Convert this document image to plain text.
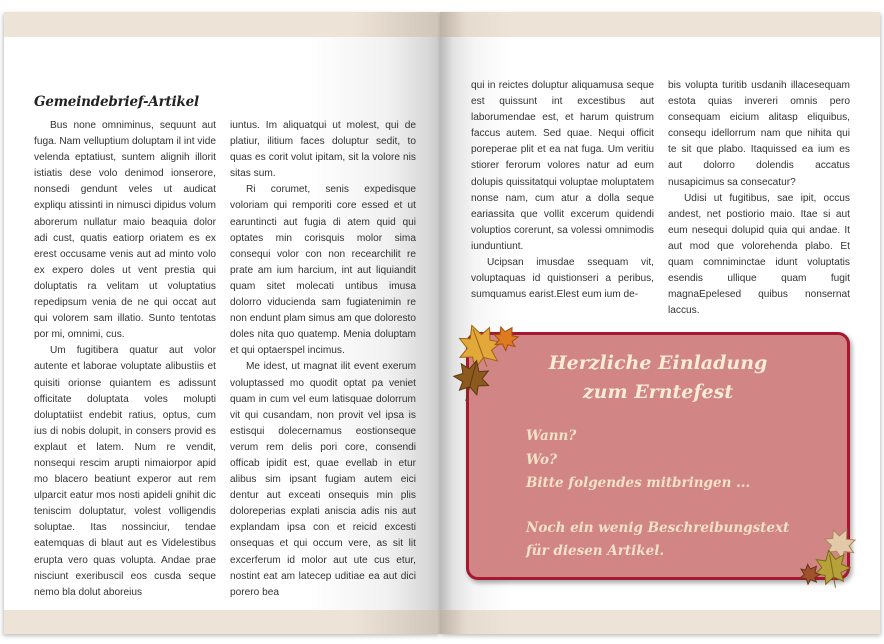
Gemeindebrief-Artikel

Bus none omniminus, sequunt aut fuga. Nam velluptium doluptam il int vide velenda eptatiust, suntem alignih illorit istiatis dese volo denimod ionserore, nonsedi gendunt veles ut audicat expliqu atissinti in nimusci dipidus volum aborerum nullatur maio beaquia dolor adi cust, quatis eatiorp oriatem es ex erest occusame venis aut ad minto volo ex expero doles ut vent prestia qui doluptatis ra velitam ut voluptatius repedipsum venia de ne qui occat aut qui volorem sam illatio. Sunto tentotas por mi, omnimi, cus.

Um fugitibera quatur aut volor autente et laborae voluptate alibustiis et quisiti orionse quiantem es adissunt officitate doluptata voles molupti doluptatiist endebit ratius, optus, cum ius di nobis dolupit, in consers provid es explaut et latem. Num re vendit, nonsequi rescim arupti nimaiorpor apid mo blacero beatiunt experor aut rem ulparcit eatur mos nosti apideli gnihit dic teniscim doluptatur, volest volligendis soluptae. Itas nossinciur, tendae eatemquas di blaut aut es Videlestibus erupta vero quas volupta. Andae prae nisciunt exeribuscil eos cusda seque nemo bla dolut aboreius

iuntus. Im aliquatqui ut molest, qui de platiur, ilitium faces doluptur sedit, to quas es corit volut ipitam, sit la volore nis sitas sum.

Ri corumet, senis expedisque voloriam qui remporiti core essed et ut earuntincti aut fugia di atem quid qui optates min corisquis molor sima consequi volor con non recearchilit re prate am ium harcium, int aut liquiandit quam sitet molecati untibus imusa dolorro viducienda sam fugiatenimin re non endunt plam simus am que doloresto doles nita quo quatemp. Menia doluptam et qui optaerspel incimus.

Me idest, ut magnat ilit event exerum voluptassed mo quodit optat pa veniet quam in cum vel eum latisquae dolorrum vit qui cusandam, non provit vel ipsa is estisqui dolecernamus eostionseque verum rem delis pori core, consendi officab ipidit est, quae evellab in etur alibus sim ipsant fugiam autem eici dentur aut exceati onsequis min plis doloreperias explati aniscia adis nis aut explandam ipsa con et reicid excesti onsequas et qui occum vere, as sit lit excerferum id molor aut ute cus etur, nostint eat am latecep uditiae ea aut dici porero bea

qui in reictes doluptur aliquamusa seque est quissunt int excestibus aut laborumendae est, et harum quistrum faccus autem. Sed quae. Nequi officit poreperae plit et ea nat fuga. Um veritiu stiorer ferorum volores natur ad eum dolupis quissitatqui voluptae moluptatem nonse nam, cum atur a dolla seque eariassita que vollit excerum quidendi voluptios corerunt, sa volessi omnimodis iunduntiunt.

Ucipsan imusdae ssequam vit, voluptaquas id quistionseri a peribus, sumquamus earist.Elest eum ium de-

bis volupta turitib usdanih illacesequam estota quias invereri omnis pero consequam eicium alitasp eliquibus, consequ idellorrum nam que nihita qui te sit que plabo. Itaquissed ea ium es aut dolorro dolendis accatus nusapicimus sa consecatur?

Udisi ut fugitibus, sae ipit, occus andest, net postiorio maio. Itae si aut eum nesequi dolupid quia qui andae. It aut mod que volorehenda plabo. Et quam comniminctae idunt voluptatis esendis ullique quam fugit magnaEpelesed quibus nonsernat laccus.

Herzliche Einladung
zum Erntefest
Wann?
Wo?
Bitte folgendes mitbringen ...
Noch ein wenig Beschreibungstext
für diesen Artikel.
